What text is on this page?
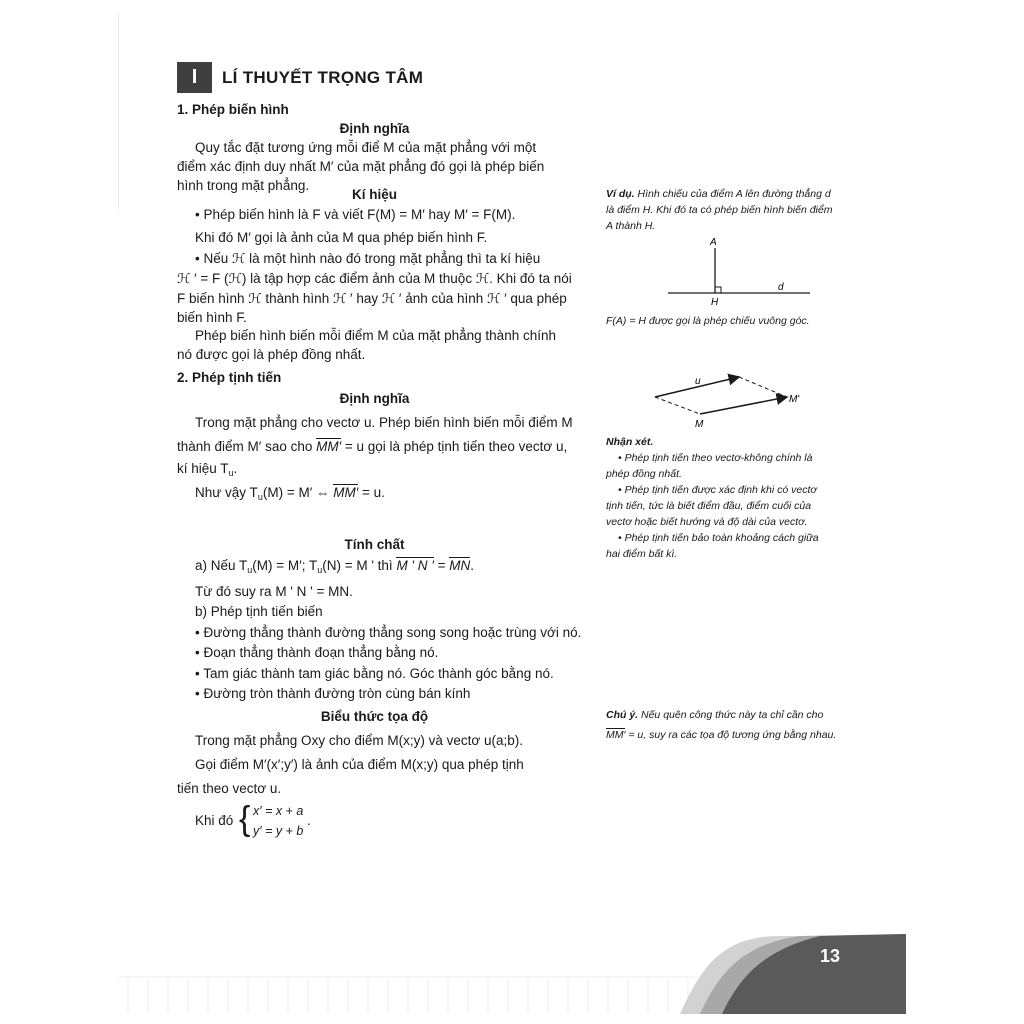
I	LÍ THUYẾT TRỌNG TÂM
1. Phép biến hình
Định nghĩa
Quy tắc đặt tương ứng mỗi điể M của mặt phẳng với một
điểm xác định duy nhất M′ của mặt phẳng đó gọi là phép biến
hình trong mặt phẳng.
Kí hiệu
• Phép biến hình là F và viết F(M) = M′ hay M′ = F(M).
Khi đó M′ gọi là ảnh của M qua phép biến hình F.
• Nếu ℋ là một hình nào đó trong mặt phẳng thì ta kí hiệu
ℋ ′ = F (ℋ) là tập hợp các điểm ảnh của M thuộc ℋ. Khi đó ta nói
F biến hình ℋ thành hình ℋ ′ hay ℋ ′ ảnh của hình ℋ ′ qua phép
biến hình F.
Phép biến hình biến mỗi điểm M của mặt phẳng thành chính
nó được gọi là phép đồng nhất.
2. Phép tịnh tiến
Định nghĩa
Trong mặt phẳng cho vectơ u. Phép biến hình biến mỗi điểm M
thành điểm M′ sao cho MM′ = u gọi là phép tịnh tiến theo vectơ u,
kí hiệu $T_u$.
Như vậy $T_u(M) = M'$ ⇔ MM′ = u.
Tính chất
a) Nếu $T_u(M) = M'$; $T_u(N) = M$ ' thì M ' N ' = MN.
Từ đó suy ra M ' N ' = MN.
b) Phép tịnh tiến biến
• Đường thẳng thành đường thẳng song song hoặc trùng với nó.
• Đoạn thẳng thành đoạn thẳng bằng nó.
• Tam giác thành tam giác bằng nó. Góc thành góc bằng nó.
• Đường tròn thành đường tròn cùng bán kính
Biểu thức tọa độ
Trong mặt phẳng Oxy cho điểm M(x;y) và vectơ u(a;b).
Gọi điểm M′(x′;y′) là ảnh của điểm M(x;y) qua phép tịnh
tiến theo vectơ u.
Khi đó { x′ = x + a
y′ = y + b
.
Ví dụ. Hình chiếu của điểm A lên đường thẳng d
là điểm H. Khi đó ta có phép biến hình biến điểm
A thành H.
A
H
d
F(A) = H được gọi là phép chiếu vuông góc.
u
M
M′
Nhận xét.
• Phép tịnh tiến theo vectơ-không chính là
phép đồng nhất.
• Phép tịnh tiến được xác định khi có vectơ
tịnh tiến, tức là biết điểm đầu, điểm cuối của
vectơ hoặc biết hướng và độ dài của vectơ.
• Phép tịnh tiến bảo toàn khoảng cách giữa
hai điểm bất kì.
Chú ý. Nếu quên công thức này ta chỉ cần cho
MM′ = u, suy ra các tọa độ tương ứng bằng nhau.
13
